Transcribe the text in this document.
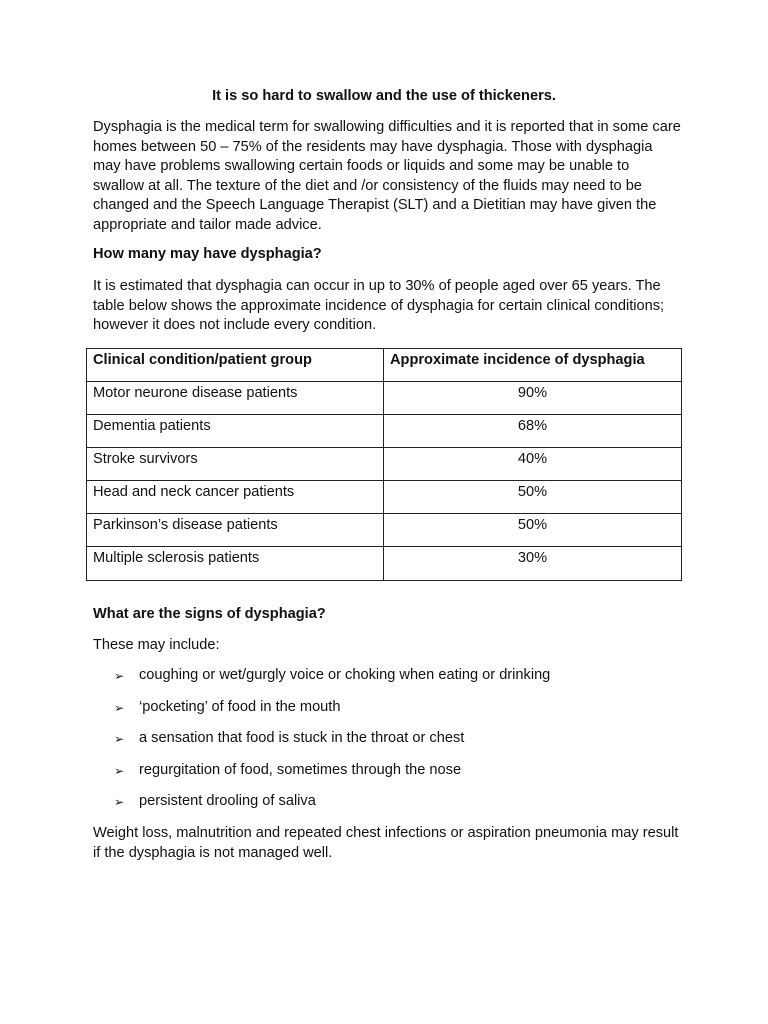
It is so hard to swallow and the use of thickeners.

Dysphagia is the medical term for swallowing difficulties and it is reported that in some care homes between 50 – 75% of the residents may have dysphagia. Those with dysphagia may have problems swallowing certain foods or liquids and some may be unable to swallow at all. The texture of the diet and /or consistency of the fluids may need to be changed and the Speech Language Therapist (SLT) and a Dietitian may have given the appropriate and tailor made advice.

How many may have dysphagia?

It is estimated that dysphagia can occur in up to 30% of people aged over 65 years. The table below shows the approximate incidence of dysphagia for certain clinical conditions; however it does not include every condition.

Clinical condition/patient group	Approximate incidence of dysphagia
Motor neurone disease patients	90%
Dementia patients	68%
Stroke survivors	40%
Head and neck cancer patients	50%
Parkinson’s disease patients	50%
Multiple sclerosis patients	30%

What are the signs of dysphagia?

These may include:

➢	coughing or wet/gurgly voice or choking when eating or drinking
➢	‘pocketing’ of food in the mouth
➢	a sensation that food is stuck in the throat or chest
➢	regurgitation of food, sometimes through the nose
➢	persistent drooling of saliva

Weight loss, malnutrition and repeated chest infections or aspiration pneumonia may result if the dysphagia is not managed well.
